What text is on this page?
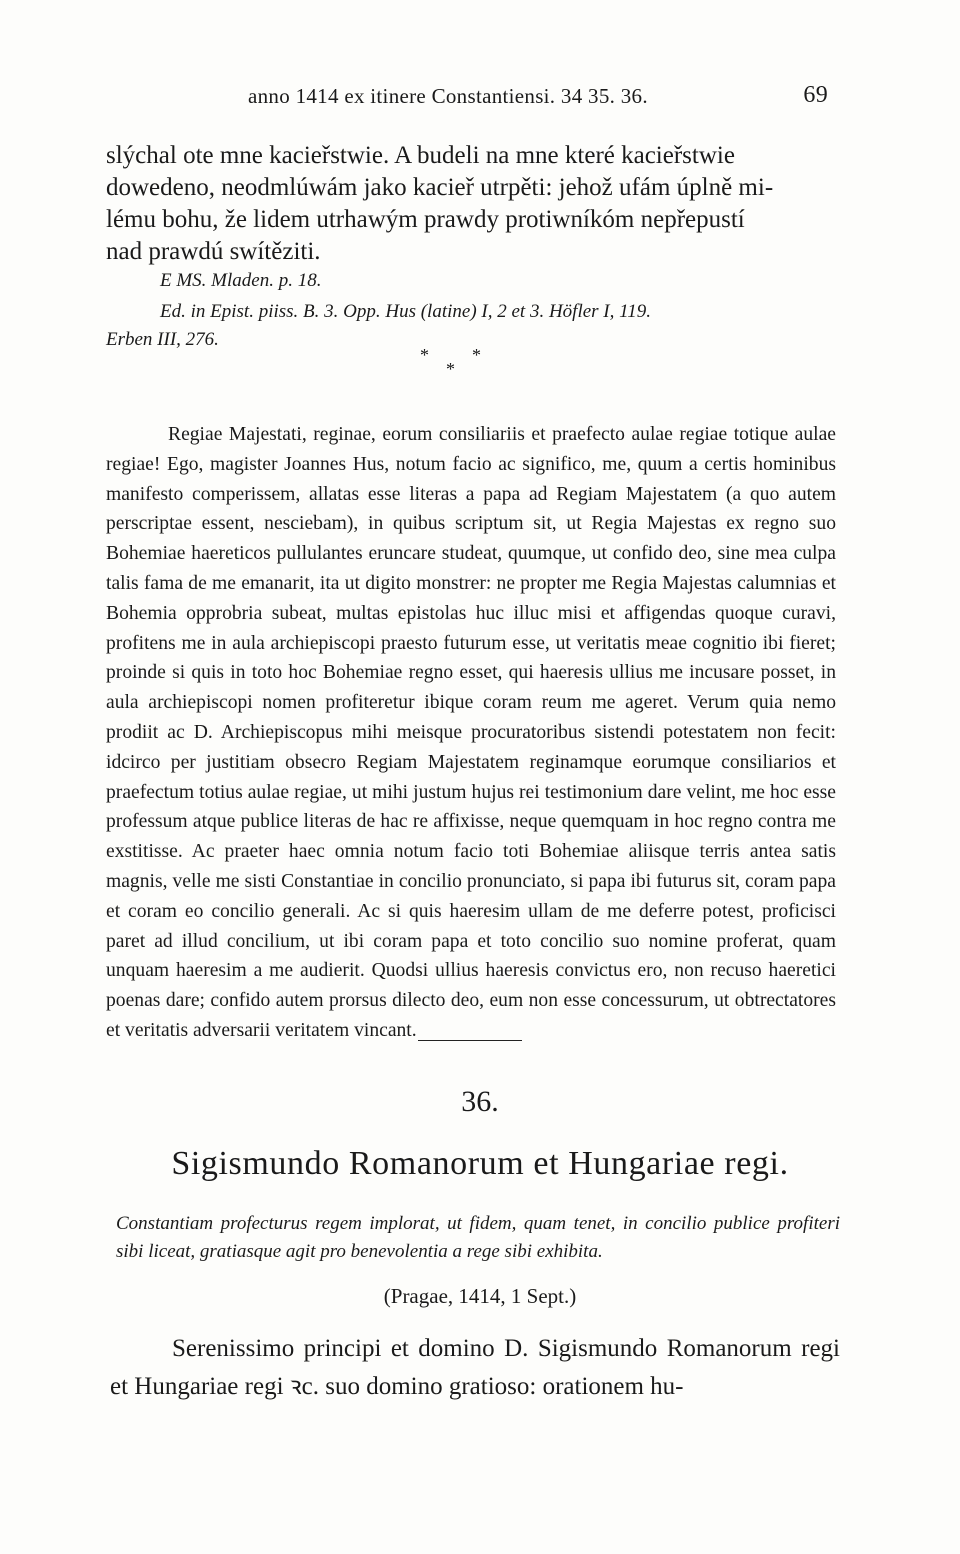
anno 1414 ex itinere Constantiensi. 34 35. 36.	69

slýchal ote mne kacieřstwie. A budeli na mne které kacieřstwie

dowedeno, neodmlúwám jako kacieř utrpěti: jehož ufám úplně mi-

lému bohu, že lidem utrhawým prawdy protiwníkóm nepřepustí

nad prawdú swítěziti.

E MS. Mladen. p. 18.
Ed. in Epist. piiss. B. 3. Opp. Hus (latine) I, 2 et 3. Höfler I, 119.
Erben III, 276.
* *
*

Regiae Majestati, reginae, eorum consiliariis et praefecto aulae regiae totique aulae regiae! Ego, magister Joannes Hus, notum facio ac significo, me, quum a certis hominibus manifesto comperissem, allatas esse literas a papa ad Regiam Majestatem (a quo autem perscriptae essent, nesciebam), in quibus scriptum sit, ut Regia Majestas ex regno suo Bohemiae haereticos pullulantes eruncare studeat, quumque, ut confido deo, sine mea culpa talis fama de me emanarit, ita ut digito monstrer: ne propter me Regia Majestas calumnias et Bohemia opprobria subeat, multas epistolas huc illuc misi et affigendas quoque curavi, profitens me in aula archiepiscopi praesto futurum esse, ut veritatis meae cognitio ibi fieret; proinde si quis in toto hoc Bohemiae regno esset, qui haeresis ullius me incusare posset, in aula archiepiscopi nomen profiteretur ibique coram reum me ageret. Verum quia nemo prodiit ac D. Archiepiscopus mihi meisque procuratoribus sistendi potestatem non fecit: idcirco per justitiam obsecro Regiam Majestatem reginamque eorumque consiliarios et praefectum totius aulae regiae, ut mihi justum hujus rei testimonium dare velint, me hoc esse professum atque publice literas de hac re affixisse, neque quemquam in hoc regno contra me exstitisse. Ac praeter haec omnia notum facio toti Bohemiae aliisque terris antea satis magnis, velle me sisti Constantiae in concilio pronunciato, si papa ibi futurus sit, coram papa et coram eo concilio generali. Ac si quis haeresim ullam de me deferre potest, proficisci paret ad illud concilium, ut ibi coram papa et toto concilio suo nomine proferat, quam unquam haeresim a me audierit. Quodsi ullius haeresis convictus ero, non recuso haeretici poenas dare; confido autem prorsus dilecto deo, eum non esse concessurum, ut obtrectatores et veritatis adversarii veritatem vincant.

36.
Sigismundo Romanorum et Hungariae regi.

Constantiam profecturus regem implorat, ut fidem, quam tenet, in concilio publice profiteri sibi liceat, gratiasque agit pro benevolentia a rege sibi exhibita.

(Pragae, 1414, 1 Sept.)

Serenissimo principi et domino D. Sigismundo Romanorum regi et Hungariae regi ꝛc. suo domino gratioso: orationem hu-
